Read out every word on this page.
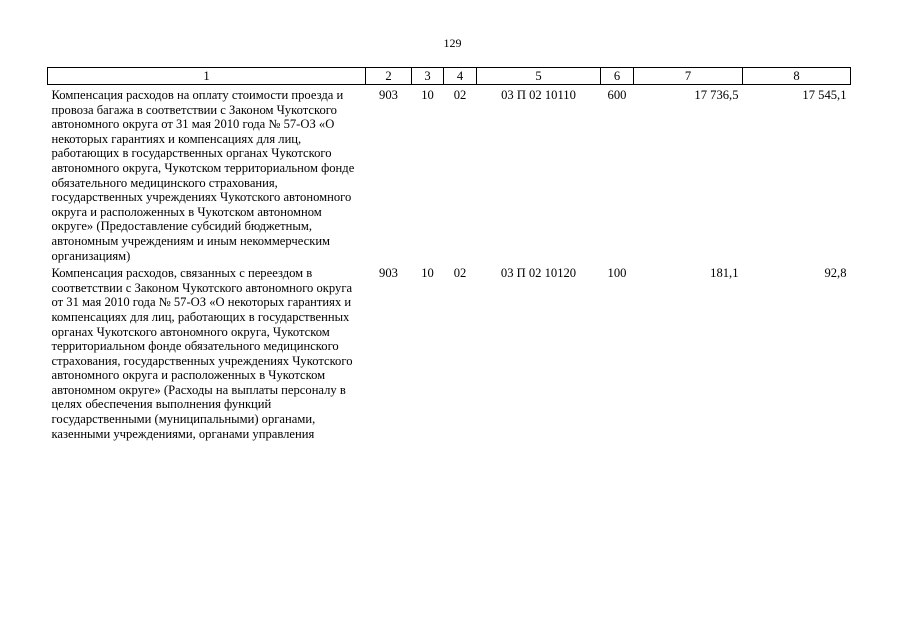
129
1	2	3	4	5	6	7	8
Компенсация расходов на оплату стоимости проезда и провоза багажа в соответствии с Законом Чукотского автономного округа от 31 мая 2010 года № 57-ОЗ «О некоторых гарантиях и компенсациях для лиц, работающих в государственных органах Чукотского автономного округа, Чукотском территориальном фонде обязательного медицинского страхования, государственных учреждениях Чукотского автономного округа и расположенных в Чукотском автономном округе» (Предоставление субсидий бюджетным, автономным учреждениям и иным некоммерческим организациям)	903	10	02	03 П 02 10110	600	17 736,5	17 545,1
Компенсация расходов, связанных с переездом в соответствии с Законом Чукотского автономного округа от 31 мая 2010 года № 57-ОЗ «О некоторых гарантиях и компенсациях для лиц, работающих в государственных органах Чукотского автономного округа, Чукотском территориальном фонде обязательного медицинского страхования, государственных учреждениях Чукотского автономного округа и расположенных в Чукотском автономном округе» (Расходы на выплаты персоналу в целях обеспечения выполнения функций государственными (муниципальными) органами, казенными учреждениями, органами управления	903	10	02	03 П 02 10120	100	181,1	92,8
